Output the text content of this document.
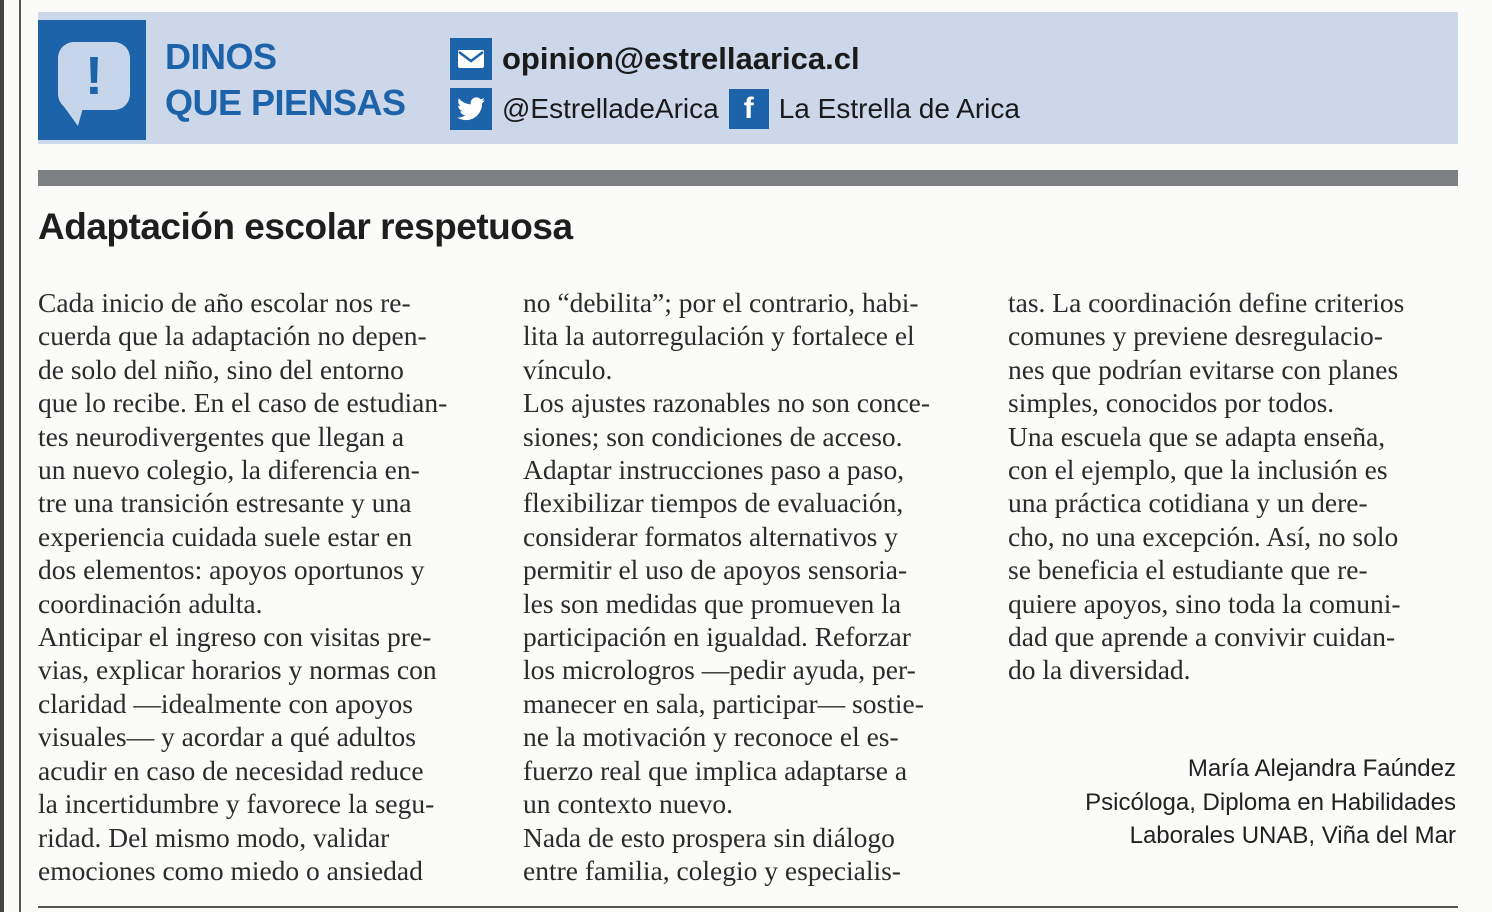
!	DINOS
QUE PIENSAS
opinion@estrellaarica.cl
@EstrelladeArica f La Estrella de Arica
Adaptación escolar respetuosa
Cada inicio de año escolar nos re-
cuerda que la adaptación no depen-
de solo del niño, sino del entorno
que lo recibe. En el caso de estudian-
tes neurodivergentes que llegan a
un nuevo colegio, la diferencia en-
tre una transición estresante y una
experiencia cuidada suele estar en
dos elementos: apoyos oportunos y
coordinación adulta.
Anticipar el ingreso con visitas pre-
vias, explicar horarios y normas con
claridad —idealmente con apoyos
visuales— y acordar a qué adultos
acudir en caso de necesidad reduce
la incertidumbre y favorece la segu-
ridad. Del mismo modo, validar
emociones como miedo o ansiedad
no “debilita”; por el contrario, habi-
lita la autorregulación y fortalece el
vínculo.
Los ajustes razonables no son conce-
siones; son condiciones de acceso.
Adaptar instrucciones paso a paso,
flexibilizar tiempos de evaluación,
considerar formatos alternativos y
permitir el uso de apoyos sensoria-
les son medidas que promueven la
participación en igualdad. Reforzar
los micrologros —pedir ayuda, per-
manecer en sala, participar— sostie-
ne la motivación y reconoce el es-
fuerzo real que implica adaptarse a
un contexto nuevo.
Nada de esto prospera sin diálogo
entre familia, colegio y especialis-
tas. La coordinación define criterios
comunes y previene desregulacio-
nes que podrían evitarse con planes
simples, conocidos por todos.
Una escuela que se adapta enseña,
con el ejemplo, que la inclusión es
una práctica cotidiana y un dere-
cho, no una excepción. Así, no solo
se beneficia el estudiante que re-
quiere apoyos, sino toda la comuni-
dad que aprende a convivir cuidan-
do la diversidad.
María Alejandra Faúndez
Psicóloga, Diploma en Habilidades
Laborales UNAB, Viña del Mar
